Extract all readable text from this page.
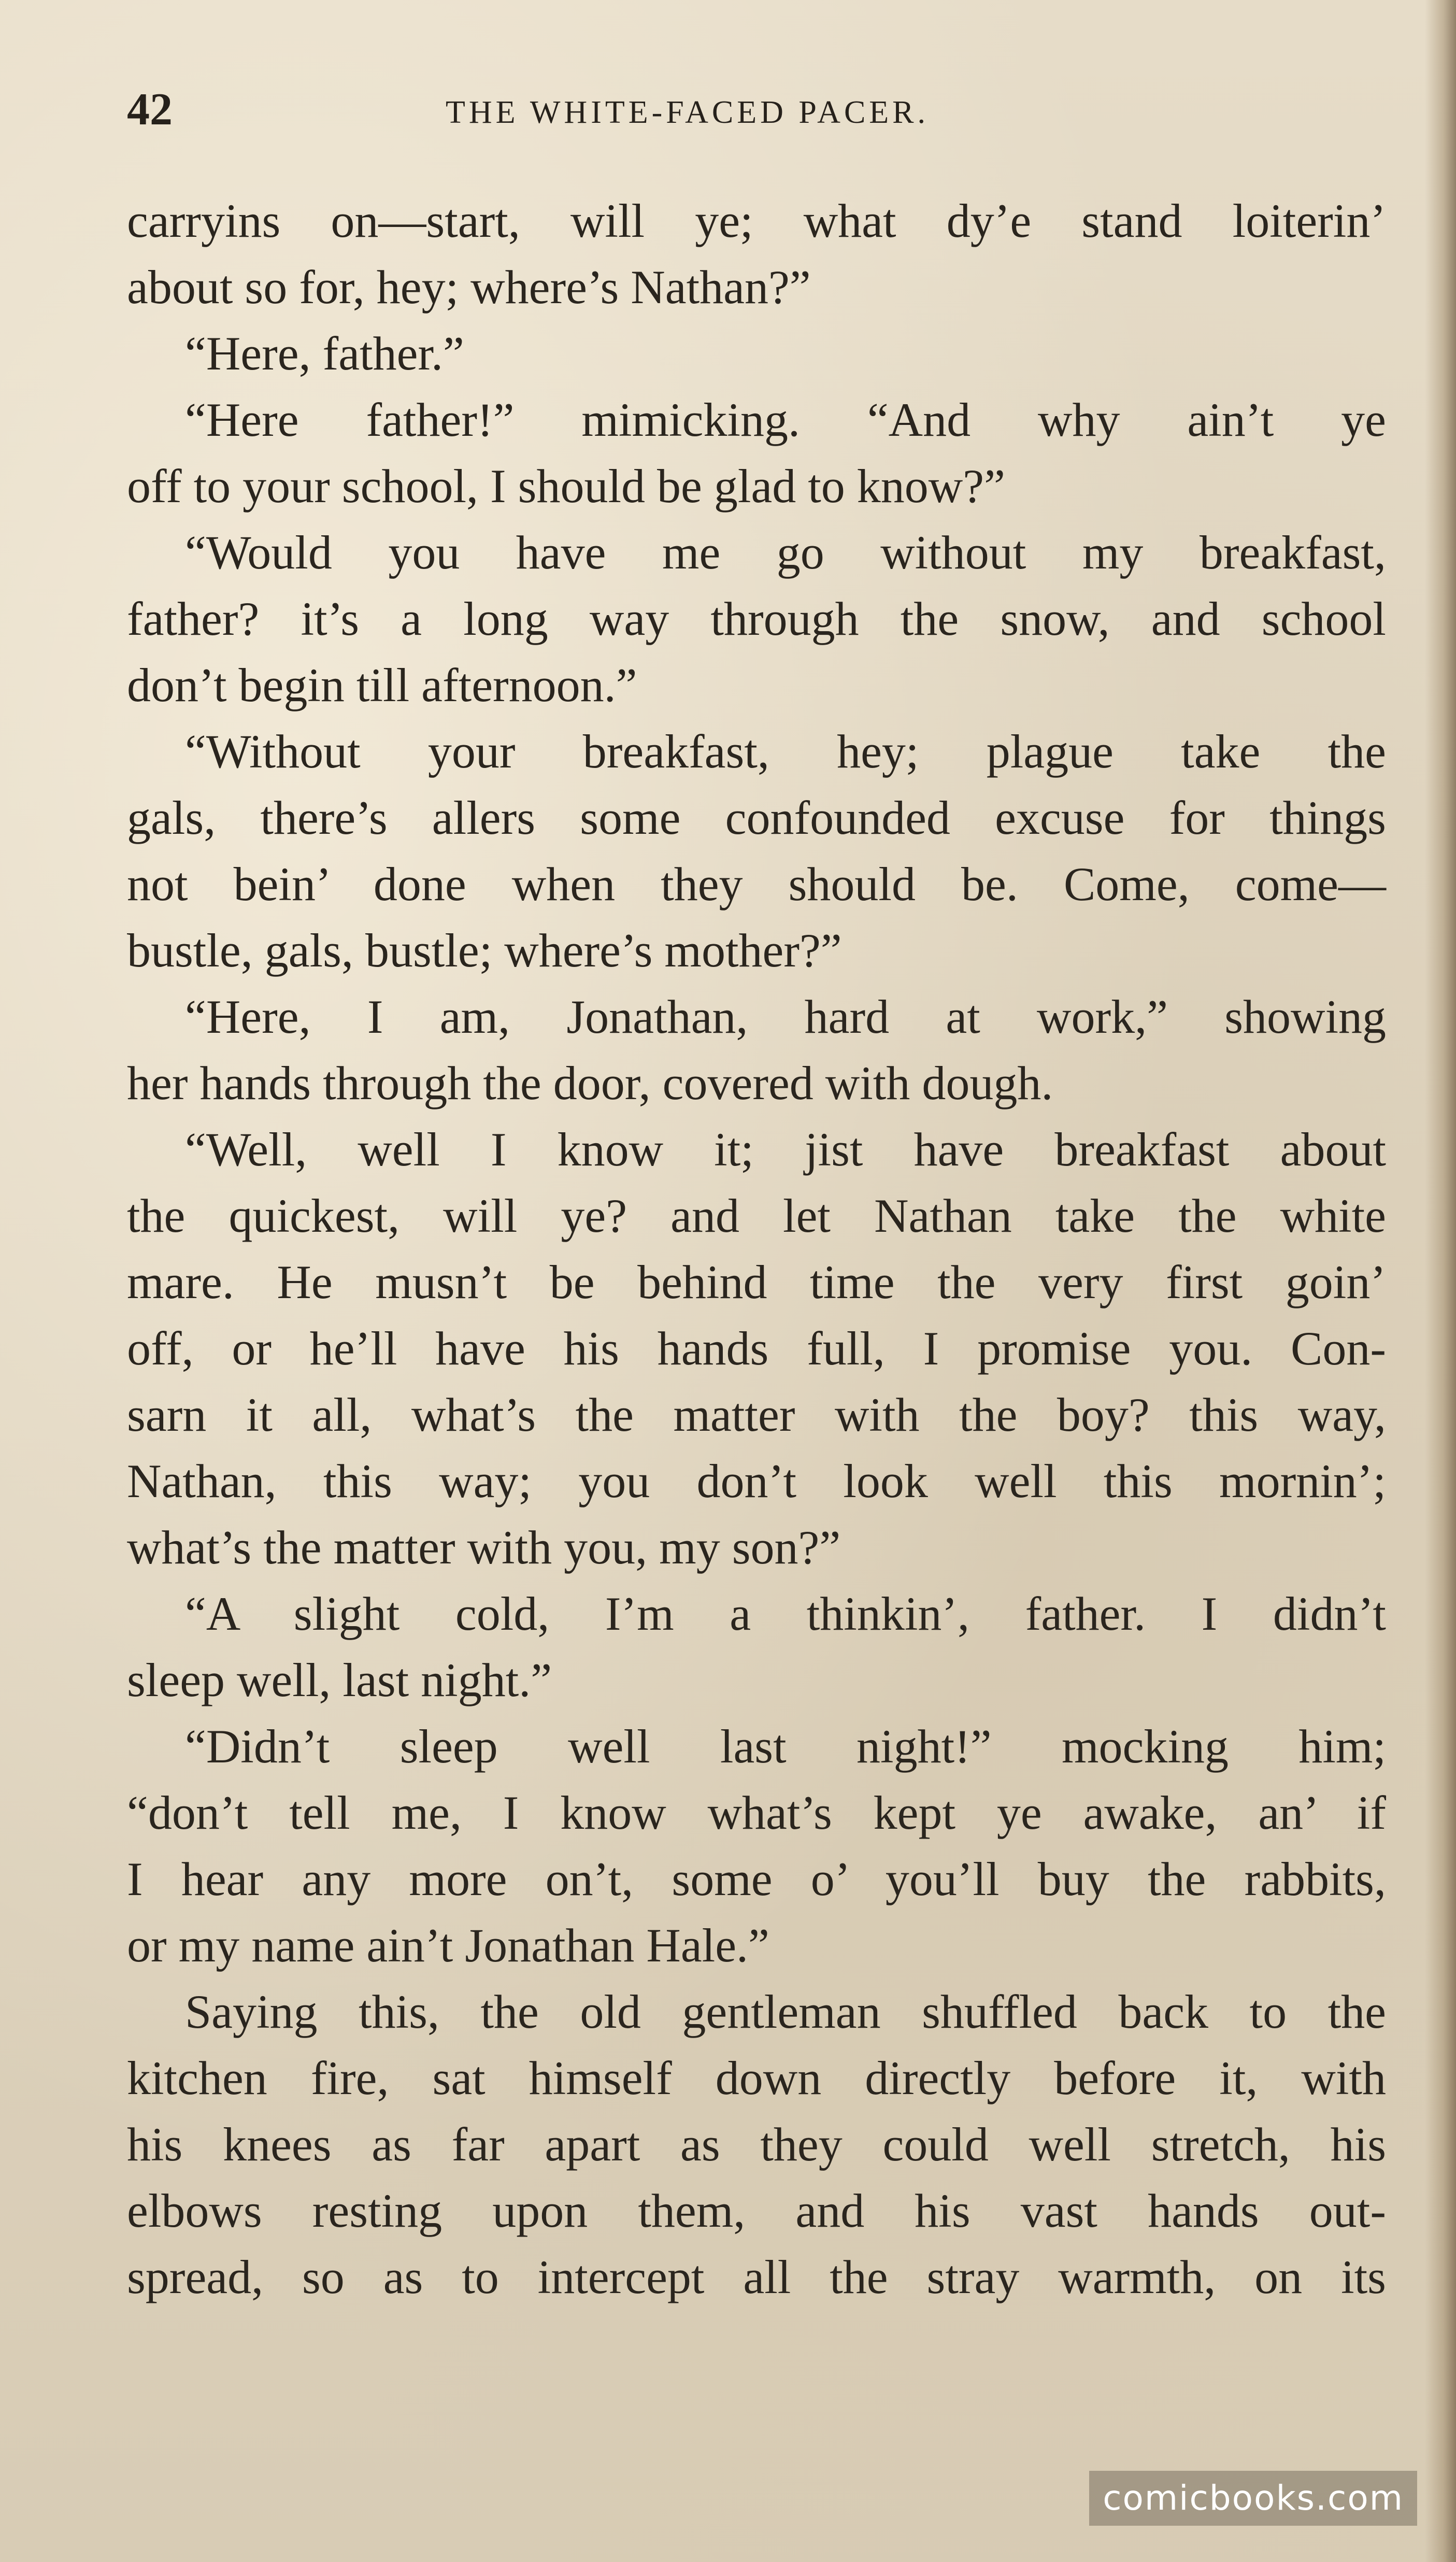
42	THE WHITE-FACED PACER.
carryins on—start, will ye; what dy’e stand loiterin’
about so for, hey; where’s Nathan?”
“Here, father.”
“Here father!” mimicking. “And why ain’t ye
off to your school, I should be glad to know?”
“Would you have me go without my breakfast,
father? it’s a long way through the snow, and school
don’t begin till afternoon.”
“Without your breakfast, hey; plague take the
gals, there’s allers some confounded excuse for things
not bein’ done when they should be. Come, come—
bustle, gals, bustle; where’s mother?”
“Here, I am, Jonathan, hard at work,” showing
her hands through the door, covered with dough.
“Well, well I know it; jist have breakfast about
the quickest, will ye? and let Nathan take the white
mare. He musn’t be behind time the very first goin’
off, or he’ll have his hands full, I promise you. Con-
sarn it all, what’s the matter with the boy? this way,
Nathan, this way; you don’t look well this mornin’;
what’s the matter with you, my son?”
“A slight cold, I’m a thinkin’, father. I didn’t
sleep well, last night.”
“Didn’t sleep well last night!” mocking him;
“don’t tell me, I know what’s kept ye awake, an’ if
I hear any more on’t, some o’ you’ll buy the rabbits,
or my name ain’t Jonathan Hale.”
Saying this, the old gentleman shuffled back to the
kitchen fire, sat himself down directly before it, with
his knees as far apart as they could well stretch, his
elbows resting upon them, and his vast hands out-
spread, so as to intercept all the stray warmth, on its
comicbooks.com
